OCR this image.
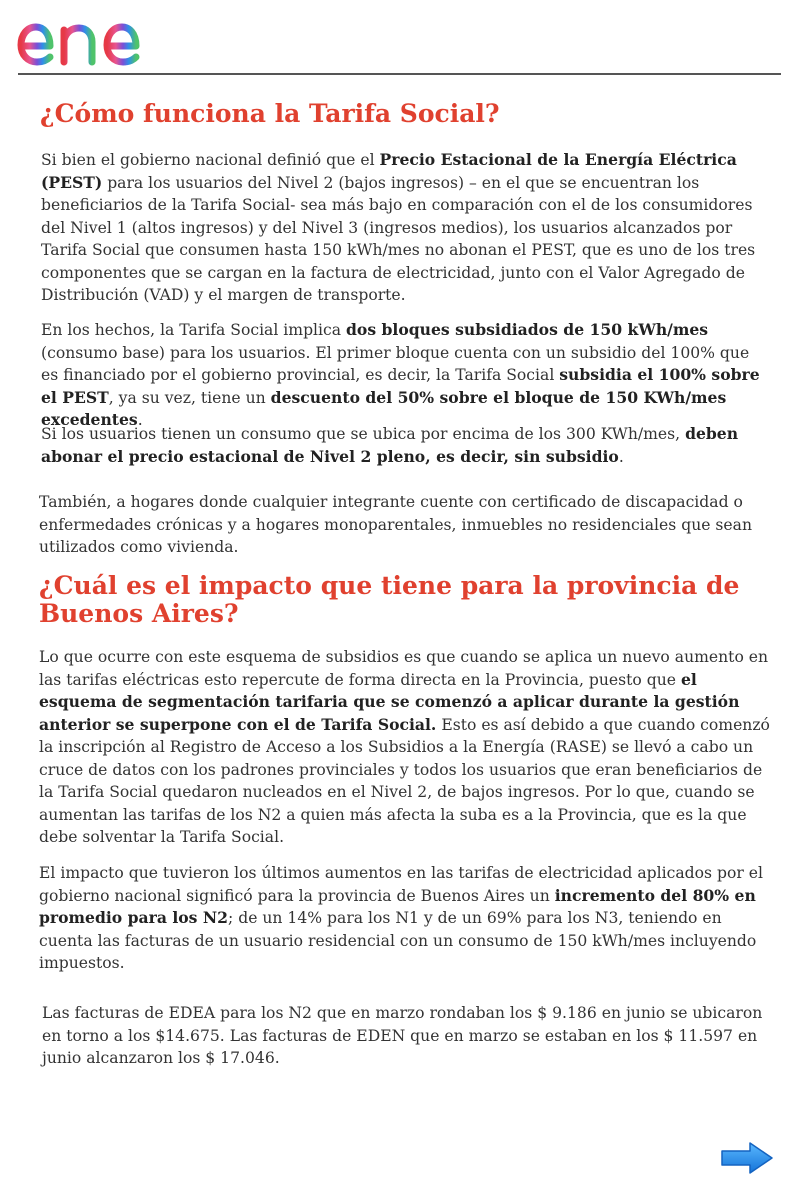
¿Cómo funciona la Tarifa Social?

Si bien el gobierno nacional definió que el Precio Estacional de la Energía Eléctrica (PEST) para los usuarios del Nivel 2 (bajos ingresos) – en el que se encuentran los beneficiarios de la Tarifa Social- sea más bajo en comparación con el de los consumidores del Nivel 1 (altos ingresos) y del Nivel 3 (ingresos medios), los usuarios alcanzados por Tarifa Social que consumen hasta 150 kWh/mes no abonan el PEST, que es uno de los tres componentes que se cargan en la factura de electricidad, junto con el Valor Agregado de Distribución (VAD) y el margen de transporte.

En los hechos, la Tarifa Social implica dos bloques subsidiados de 150 kWh/mes (consumo base) para los usuarios. El primer bloque cuenta con un subsidio del 100% que es financiado por el gobierno provincial, es decir, la Tarifa Social subsidia el 100% sobre el PEST, ya su vez, tiene un descuento del 50% sobre el bloque de 150 KWh/mes excedentes.

Si los usuarios tienen un consumo que se ubica por encima de los 300 KWh/mes, deben abonar el precio estacional de Nivel 2 pleno, es decir, sin subsidio.

También, a hogares donde cualquier integrante cuente con certificado de discapacidad o enfermedades crónicas y a hogares monoparentales, inmuebles no residenciales que sean utilizados como vivienda.

¿Cuál es el impacto que tiene para la provincia de Buenos Aires?

Lo que ocurre con este esquema de subsidios es que cuando se aplica un nuevo aumento en las tarifas eléctricas esto repercute de forma directa en la Provincia, puesto que el esquema de segmentación tarifaria que se comenzó a aplicar durante la gestión anterior se superpone con el de Tarifa Social. Esto es así debido a que cuando comenzó la inscripción al Registro de Acceso a los Subsidios a la Energía (RASE) se llevó a cabo un cruce de datos con los padrones provinciales y todos los usuarios que eran beneficiarios de la Tarifa Social quedaron nucleados en el Nivel 2, de bajos ingresos. Por lo que, cuando se aumentan las tarifas de los N2 a quien más afecta la suba es a la Provincia, que es la que debe solventar la Tarifa Social.

El impacto que tuvieron los últimos aumentos en las tarifas de electricidad aplicados por el gobierno nacional significó para la provincia de Buenos Aires un incremento del 80% en promedio para los N2; de un 14% para los N1 y de un 69% para los N3, teniendo en cuenta las facturas de un usuario residencial con un consumo de 150 kWh/mes incluyendo impuestos.

Las facturas de EDEA para los N2 que en marzo rondaban los $ 9.186 en junio se ubicaron en torno a los $14.675. Las facturas de EDEN que en marzo se estaban en los $ 11.597 en junio alcanzaron los $ 17.046.
